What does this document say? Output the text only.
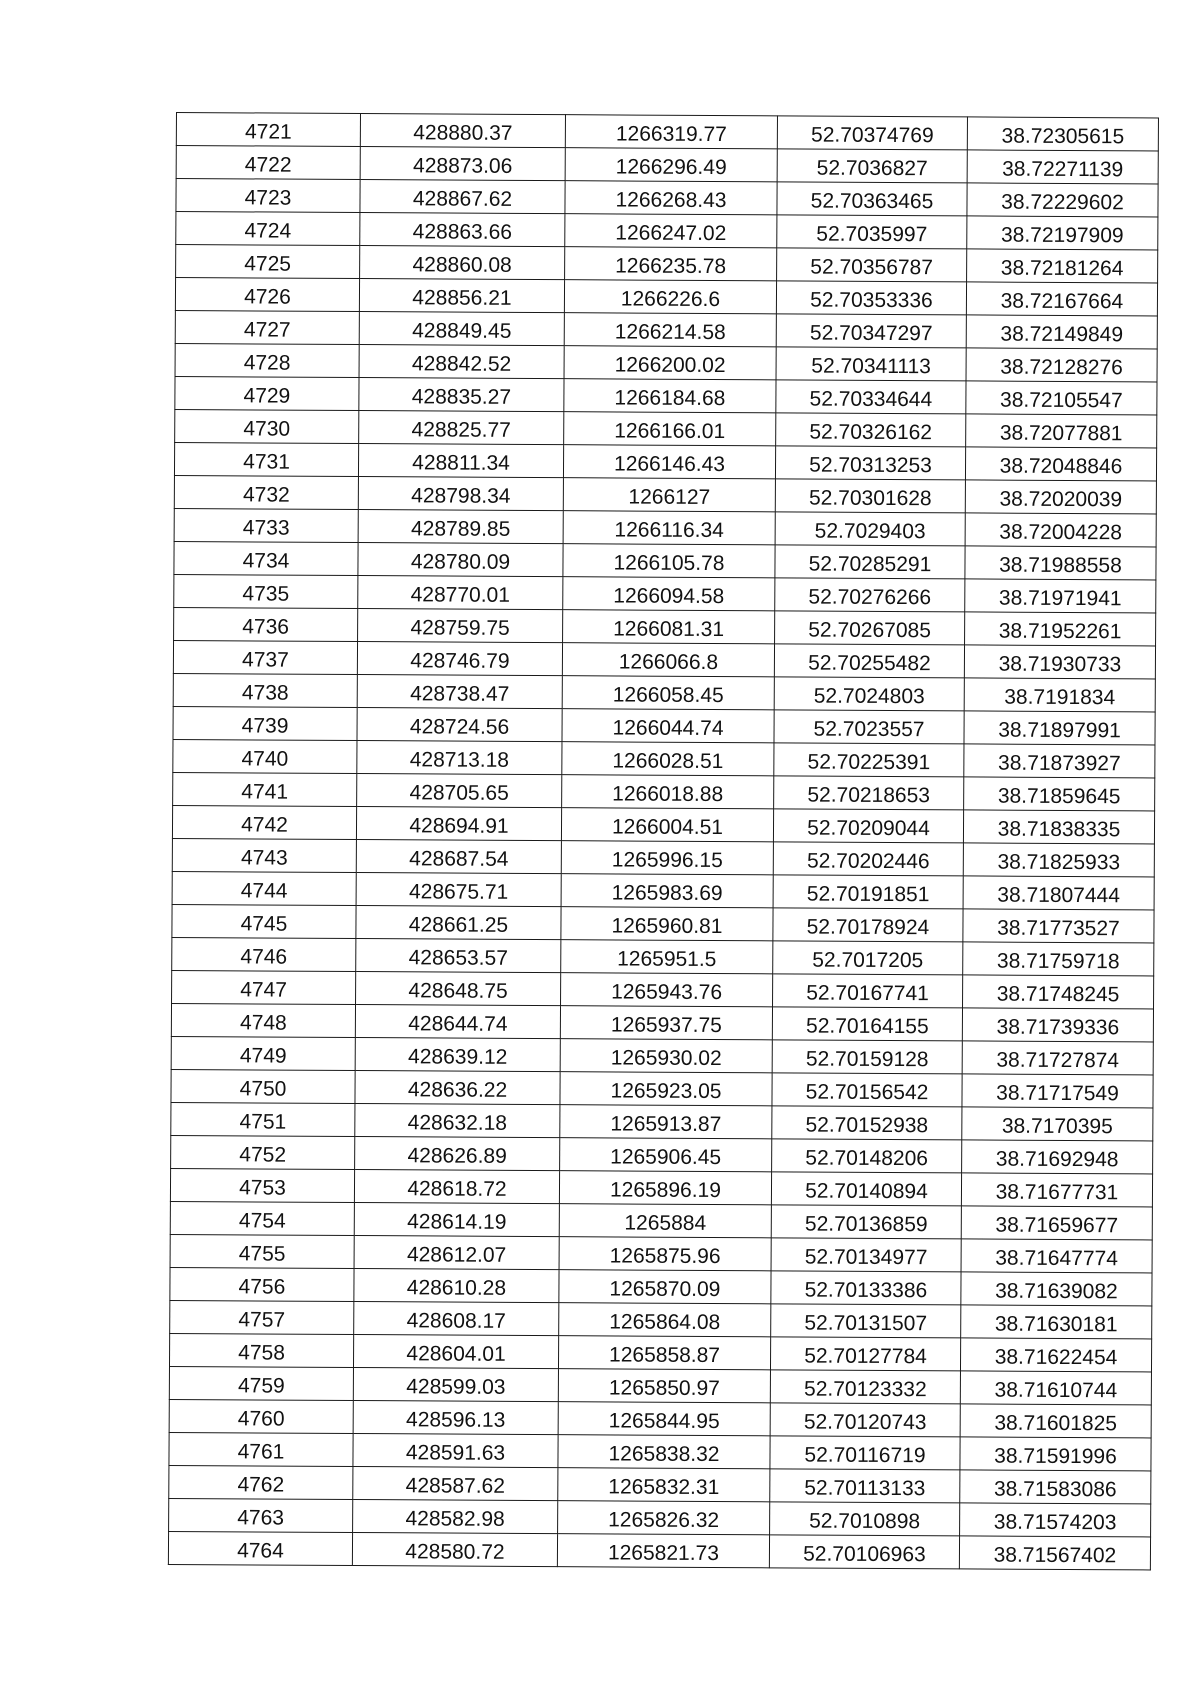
4721	428880.37	1266319.77	52.70374769	38.72305615
4722	428873.06	1266296.49	52.7036827	38.72271139
4723	428867.62	1266268.43	52.70363465	38.72229602
4724	428863.66	1266247.02	52.7035997	38.72197909
4725	428860.08	1266235.78	52.70356787	38.72181264
4726	428856.21	1266226.6	52.70353336	38.72167664
4727	428849.45	1266214.58	52.70347297	38.72149849
4728	428842.52	1266200.02	52.70341113	38.72128276
4729	428835.27	1266184.68	52.70334644	38.72105547
4730	428825.77	1266166.01	52.70326162	38.72077881
4731	428811.34	1266146.43	52.70313253	38.72048846
4732	428798.34	1266127	52.70301628	38.72020039
4733	428789.85	1266116.34	52.7029403	38.72004228
4734	428780.09	1266105.78	52.70285291	38.71988558
4735	428770.01	1266094.58	52.70276266	38.71971941
4736	428759.75	1266081.31	52.70267085	38.71952261
4737	428746.79	1266066.8	52.70255482	38.71930733
4738	428738.47	1266058.45	52.7024803	38.7191834
4739	428724.56	1266044.74	52.7023557	38.71897991
4740	428713.18	1266028.51	52.70225391	38.71873927
4741	428705.65	1266018.88	52.70218653	38.71859645
4742	428694.91	1266004.51	52.70209044	38.71838335
4743	428687.54	1265996.15	52.70202446	38.71825933
4744	428675.71	1265983.69	52.70191851	38.71807444
4745	428661.25	1265960.81	52.70178924	38.71773527
4746	428653.57	1265951.5	52.7017205	38.71759718
4747	428648.75	1265943.76	52.70167741	38.71748245
4748	428644.74	1265937.75	52.70164155	38.71739336
4749	428639.12	1265930.02	52.70159128	38.71727874
4750	428636.22	1265923.05	52.70156542	38.71717549
4751	428632.18	1265913.87	52.70152938	38.7170395
4752	428626.89	1265906.45	52.70148206	38.71692948
4753	428618.72	1265896.19	52.70140894	38.71677731
4754	428614.19	1265884	52.70136859	38.71659677
4755	428612.07	1265875.96	52.70134977	38.71647774
4756	428610.28	1265870.09	52.70133386	38.71639082
4757	428608.17	1265864.08	52.70131507	38.71630181
4758	428604.01	1265858.87	52.70127784	38.71622454
4759	428599.03	1265850.97	52.70123332	38.71610744
4760	428596.13	1265844.95	52.70120743	38.71601825
4761	428591.63	1265838.32	52.70116719	38.71591996
4762	428587.62	1265832.31	52.70113133	38.71583086
4763	428582.98	1265826.32	52.7010898	38.71574203
4764	428580.72	1265821.73	52.70106963	38.71567402
